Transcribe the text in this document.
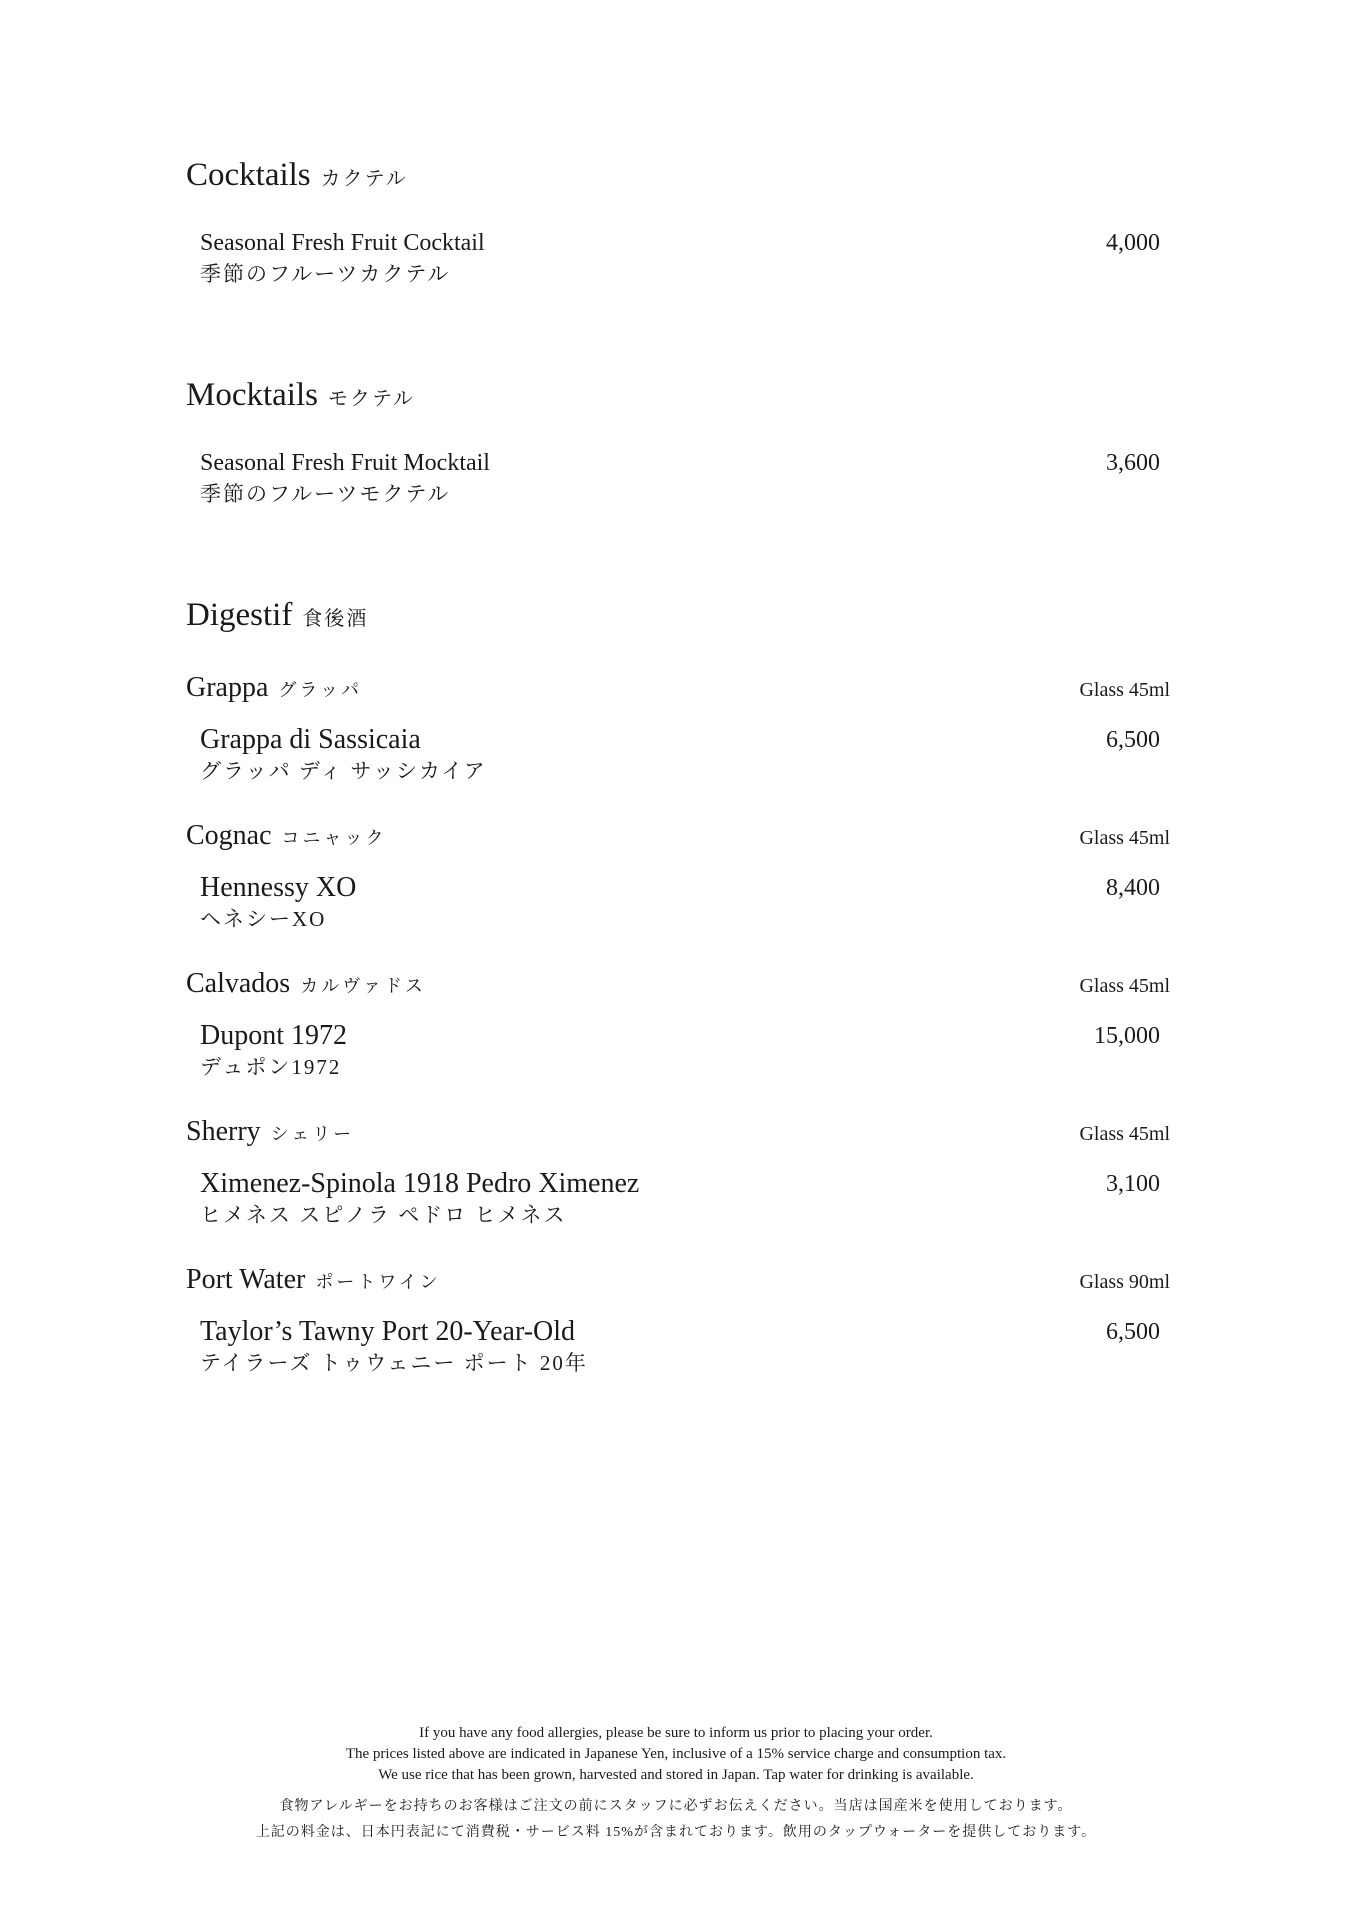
Cocktails カクテル
Seasonal Fresh Fruit Cocktail	4,000
季節のフルーツカクテル
Mocktails モクテル
Seasonal Fresh Fruit Mocktail	3,600
季節のフルーツモクテル
Digestif 食後酒
Grappa グラッパ	Glass 45ml
Grappa di Sassicaia	6,500
グラッパ ディ サッシカイア
Cognac コニャック	Glass 45ml
Hennessy XO	8,400
ヘネシーXO
Calvados カルヴァドス	Glass 45ml
Dupont 1972	15,000
デュポン1972
Sherry シェリー	Glass 45ml
Ximenez-Spinola 1918 Pedro Ximenez	3,100
ヒメネス スピノラ ペドロ ヒメネス
Port Water ポートワイン	Glass 90ml
Taylor’s Tawny Port 20-Year-Old	6,500
テイラーズ トゥウェニー ポート 20年

If you have any food allergies, please be sure to inform us prior to placing your order.

The prices listed above are indicated in Japanese Yen, inclusive of a 15% service charge and consumption tax.

We use rice that has been grown, harvested and stored in Japan. Tap water for drinking is available.

食物アレルギーをお持ちのお客様はご注文の前にスタッフに必ずお伝えください。当店は国産米を使用しております。

上記の料金は、日本円表記にて消費税・サービス料 15%が含まれております。飲用のタップウォーターを提供しております。
